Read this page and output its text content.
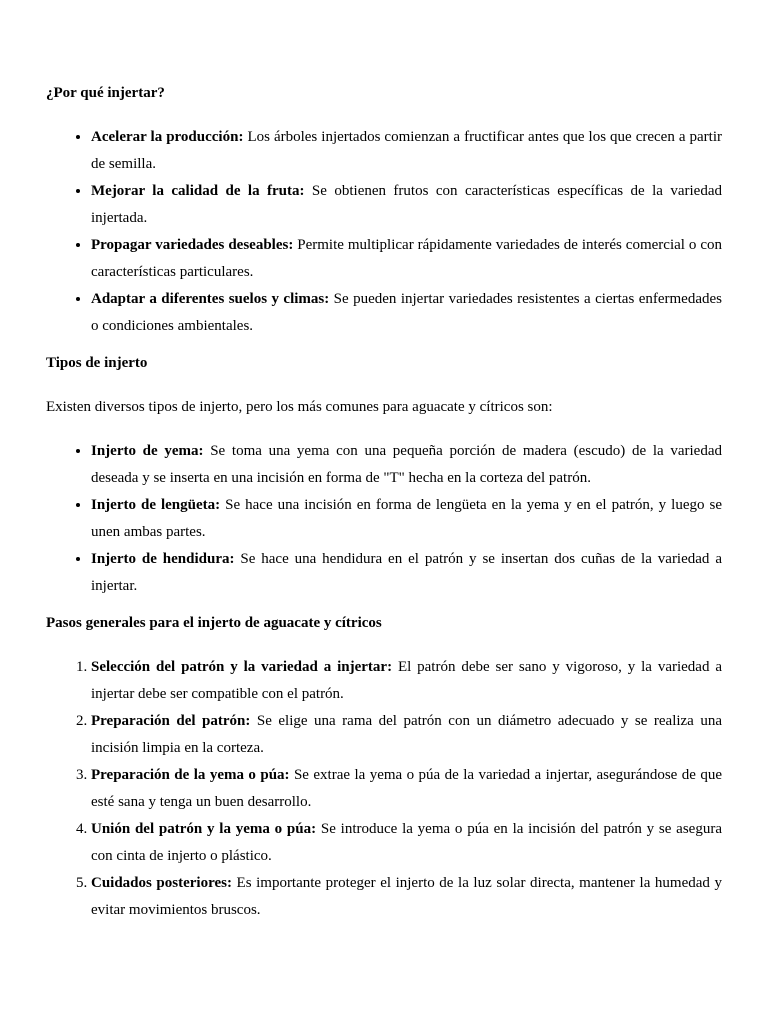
¿Por qué injertar?

• Acelerar la producción: Los árboles injertados comienzan a fructificar antes que los que crecen a partir de semilla.
• Mejorar la calidad de la fruta: Se obtienen frutos con características específicas de la variedad injertada.
• Propagar variedades deseables: Permite multiplicar rápidamente variedades de interés comercial o con características particulares.
• Adaptar a diferentes suelos y climas: Se pueden injertar variedades resistentes a ciertas enfermedades o condiciones ambientales.

Tipos de injerto

Existen diversos tipos de injerto, pero los más comunes para aguacate y cítricos son:

• Injerto de yema: Se toma una yema con una pequeña porción de madera (escudo) de la variedad deseada y se inserta en una incisión en forma de "T" hecha en la corteza del patrón.
• Injerto de lengüeta: Se hace una incisión en forma de lengüeta en la yema y en el patrón, y luego se unen ambas partes.
• Injerto de hendidura: Se hace una hendidura en el patrón y se insertan dos cuñas de la variedad a injertar.

Pasos generales para el injerto de aguacate y cítricos

1. Selección del patrón y la variedad a injertar: El patrón debe ser sano y vigoroso, y la variedad a injertar debe ser compatible con el patrón.
2. Preparación del patrón: Se elige una rama del patrón con un diámetro adecuado y se realiza una incisión limpia en la corteza.
3. Preparación de la yema o púa: Se extrae la yema o púa de la variedad a injertar, asegurándose de que esté sana y tenga un buen desarrollo.
4. Unión del patrón y la yema o púa: Se introduce la yema o púa en la incisión del patrón y se asegura con cinta de injerto o plástico.
5. Cuidados posteriores: Es importante proteger el injerto de la luz solar directa, mantener la humedad y evitar movimientos bruscos.
